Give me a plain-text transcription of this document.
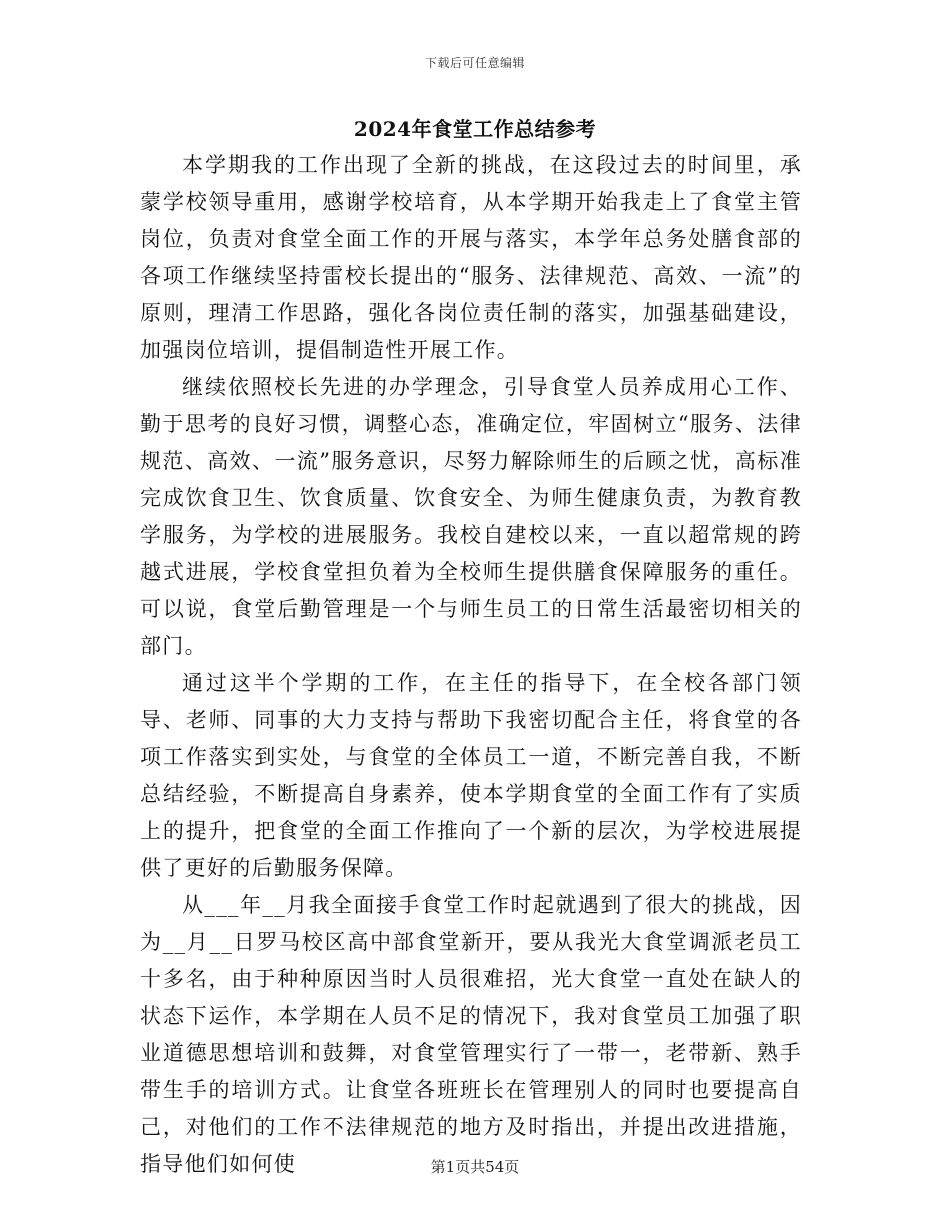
下载后可任意编辑
2024年食堂工作总结参考

本学期我的工作出现了全新的挑战，在这段过去的时间里，承蒙学校领导重用，感谢学校培育，从本学期开始我走上了食堂主管岗位，负责对食堂全面工作的开展与落实，本学年总务处膳食部的各项工作继续坚持雷校长提出的“服务、法律规范、高效、一流”的原则，理清工作思路，强化各岗位责任制的落实，加强基础建设，加强岗位培训，提倡制造性开展工作。

继续依照校长先进的办学理念，引导食堂人员养成用心工作、勤于思考的良好习惯，调整心态，准确定位，牢固树立“服务、法律规范、高效、一流”服务意识，尽努力解除师生的后顾之忧，高标准完成饮食卫生、饮食质量、饮食安全、为师生健康负责，为教育教学服务，为学校的进展服务。我校自建校以来，一直以超常规的跨越式进展，学校食堂担负着为全校师生提供膳食保障服务的重任。可以说，食堂后勤管理是一个与师生员工的日常生活最密切相关的部门。

通过这半个学期的工作，在主任的指导下，在全校各部门领导、老师、同事的大力支持与帮助下我密切配合主任，将食堂的各项工作落实到实处，与食堂的全体员工一道，不断完善自我，不断总结经验，不断提高自身素养，使本学期食堂的全面工作有了实质上的提升，把食堂的全面工作推向了一个新的层次，为学校进展提供了更好的后勤服务保障。

从___年__月我全面接手食堂工作时起就遇到了很大的挑战，因为__月__日罗马校区高中部食堂新开，要从我光大食堂调派老员工十多名，由于种种原因当时人员很难招，光大食堂一直处在缺人的状态下运作，本学期在人员不足的情况下，我对食堂员工加强了职业道德思想培训和鼓舞，对食堂管理实行了一带一，老带新、熟手带生手的培训方式。让食堂各班班长在管理别人的同时也要提高自己，对他们的工作不法律规范的地方及时指出，并提出改进措施，指导他们如何使	第1页共54页
